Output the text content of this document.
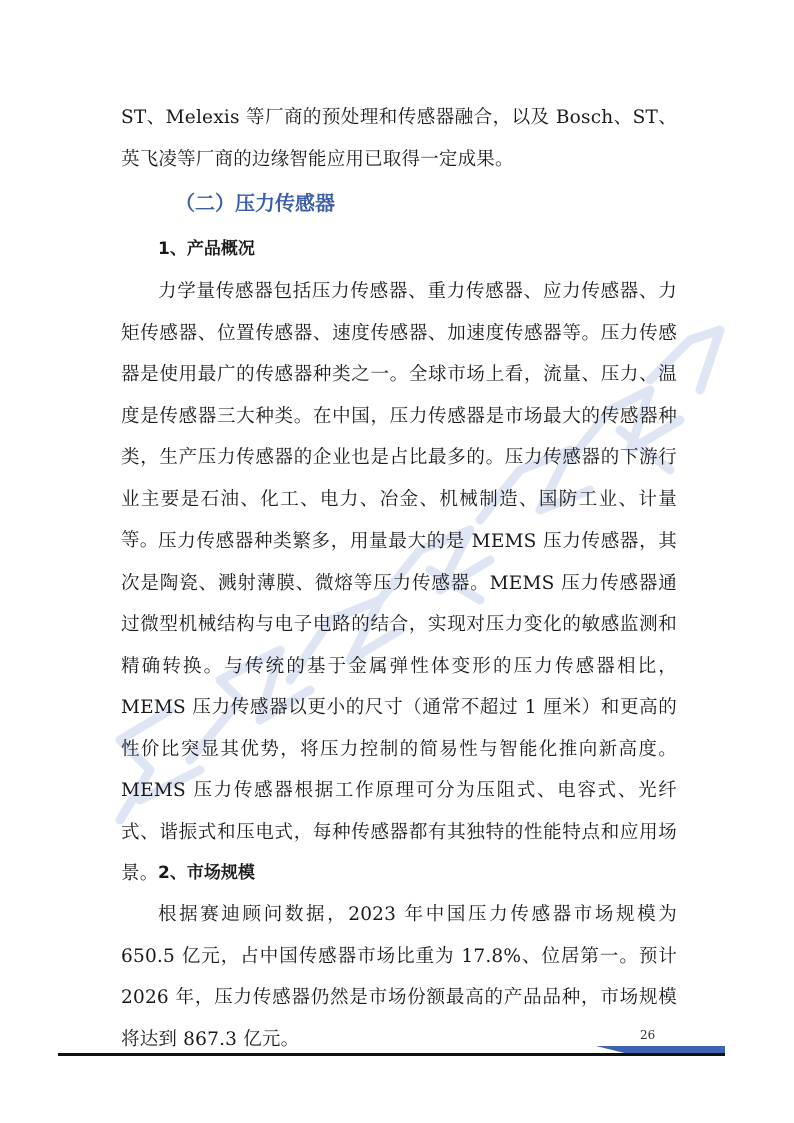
ST、Melexis 等厂商的预处理和传感器融合，以及 Bosch、ST、英飞凌等厂商的边缘智能应用已取得一定成果。

（二）压力传感器
1、产品概况

力学量传感器包括压力传感器、重力传感器、应力传感器、力矩传感器、位置传感器、速度传感器、加速度传感器等。压力传感器是使用最广的传感器种类之一。全球市场上看，流量、压力、温度是传感器三大种类。在中国，压力传感器是市场最大的传感器种类，生产压力传感器的企业也是占比最多的。压力传感器的下游行业主要是石油、化工、电力、冶金、机械制造、国防工业、计量等。 压力传感器种类繁多，用量最大的是 MEMS 压力传感器，其次是陶瓷、溅射薄膜、微熔等压力传感器。MEMS 压力传感器通过微型机械结构与电子电路的结合，实现对压力变化的敏感监测和精确转换。与传统的基于金属弹性体变形的压力传感器相比，MEMS 压力传感器以更小的尺寸（通常不超过 1 厘米）和更高的性价比突显其优势，将压力控制的简易性与智能化推向新高度。MEMS 压力传感器根据工作原理可分为压阻式、电容式、光纤式、谐振式和压电式，每种传感器都有其独特的性能特点和应用场景。 2、市场规模

根据赛迪顾问数据，2023 年中国压力传感器市场规模为 650.5 亿元，占中国传感器市场比重为 17.8%、位居第一。预计 2026 年，压力传感器仍然是市场份额最高的产品品种，市场规模将达到 867.3 亿元。	26
